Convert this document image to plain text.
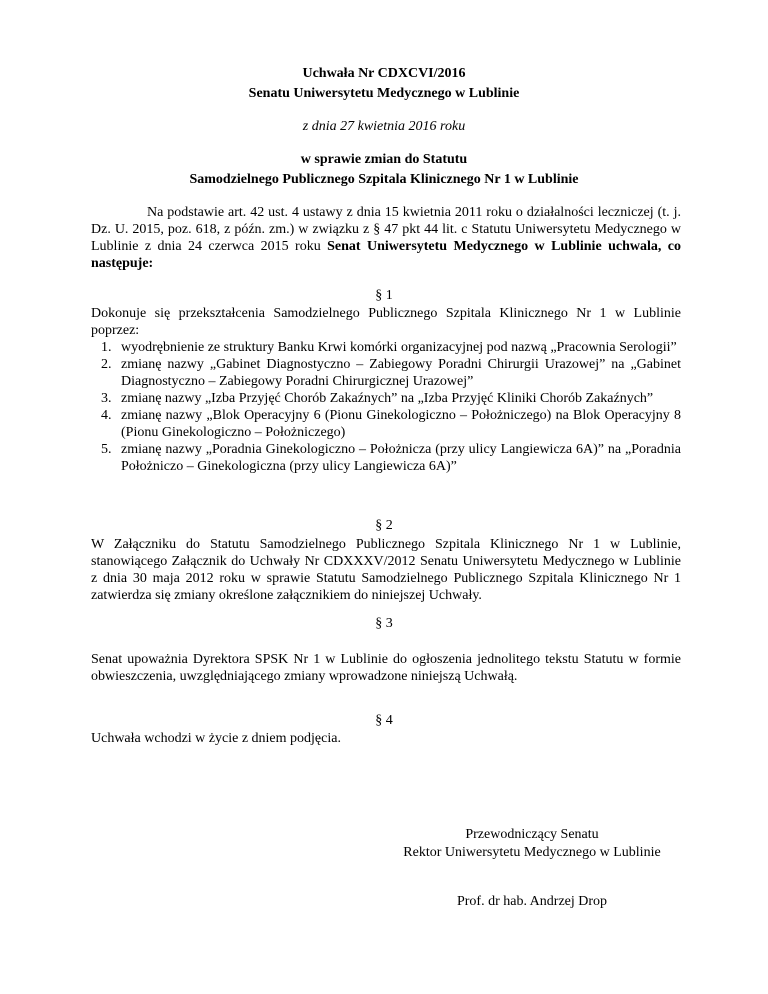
Uchwała Nr CDXCVI/2016
Senatu Uniwersytetu Medycznego w Lublinie
z dnia 27 kwietnia 2016 roku
w sprawie zmian do Statutu
Samodzielnego Publicznego Szpitala Klinicznego Nr 1 w Lublinie
Na podstawie art. 42 ust. 4 ustawy z dnia 15 kwietnia 2011 roku o działalności leczniczej (t. j. Dz. U. 2015, poz. 618, z późn. zm.) w związku z § 47 pkt 44 lit. c Statutu Uniwersytetu Medycznego w Lublinie z dnia 24 czerwca 2015 roku Senat Uniwersytetu Medycznego w Lublinie uchwala, co następuje:
§ 1
Dokonuje się przekształcenia Samodzielnego Publicznego Szpitala Klinicznego Nr 1 w Lublinie poprzez:
1. wyodrębnienie ze struktury Banku Krwi komórki organizacyjnej pod nazwą „Pracownia Serologii”
2. zmianę nazwy „Gabinet Diagnostyczno – Zabiegowy Poradni Chirurgii Urazowej” na „Gabinet Diagnostyczno – Zabiegowy Poradni Chirurgicznej Urazowej”
3. zmianę nazwy „Izba Przyjęć Chorób Zakaźnych” na „Izba Przyjęć Kliniki Chorób Zakaźnych”
4. zmianę nazwy „Blok Operacyjny 6 (Pionu Ginekologiczno – Położniczego) na Blok Operacyjny 8 (Pionu Ginekologiczno – Położniczego)
5. zmianę nazwy „Poradnia Ginekologiczno – Położnicza (przy ulicy Langiewicza 6A)” na „Poradnia Położniczo – Ginekologiczna (przy ulicy Langiewicza 6A)”
§ 2
W Załączniku do Statutu Samodzielnego Publicznego Szpitala Klinicznego Nr 1 w Lublinie, stanowiącego Załącznik do Uchwały Nr CDXXXV/2012 Senatu Uniwersytetu Medycznego w Lublinie z dnia 30 maja 2012 roku w sprawie Statutu Samodzielnego Publicznego Szpitala Klinicznego Nr 1 zatwierdza się zmiany określone załącznikiem do niniejszej Uchwały.
§ 3
Senat upoważnia Dyrektora SPSK Nr 1 w Lublinie do ogłoszenia jednolitego tekstu Statutu w formie obwieszczenia, uwzględniającego zmiany wprowadzone niniejszą Uchwałą.
§ 4
Uchwała wchodzi w życie z dniem podjęcia.
Przewodniczący Senatu
Rektor Uniwersytetu Medycznego w Lublinie
Prof. dr hab. Andrzej Drop
